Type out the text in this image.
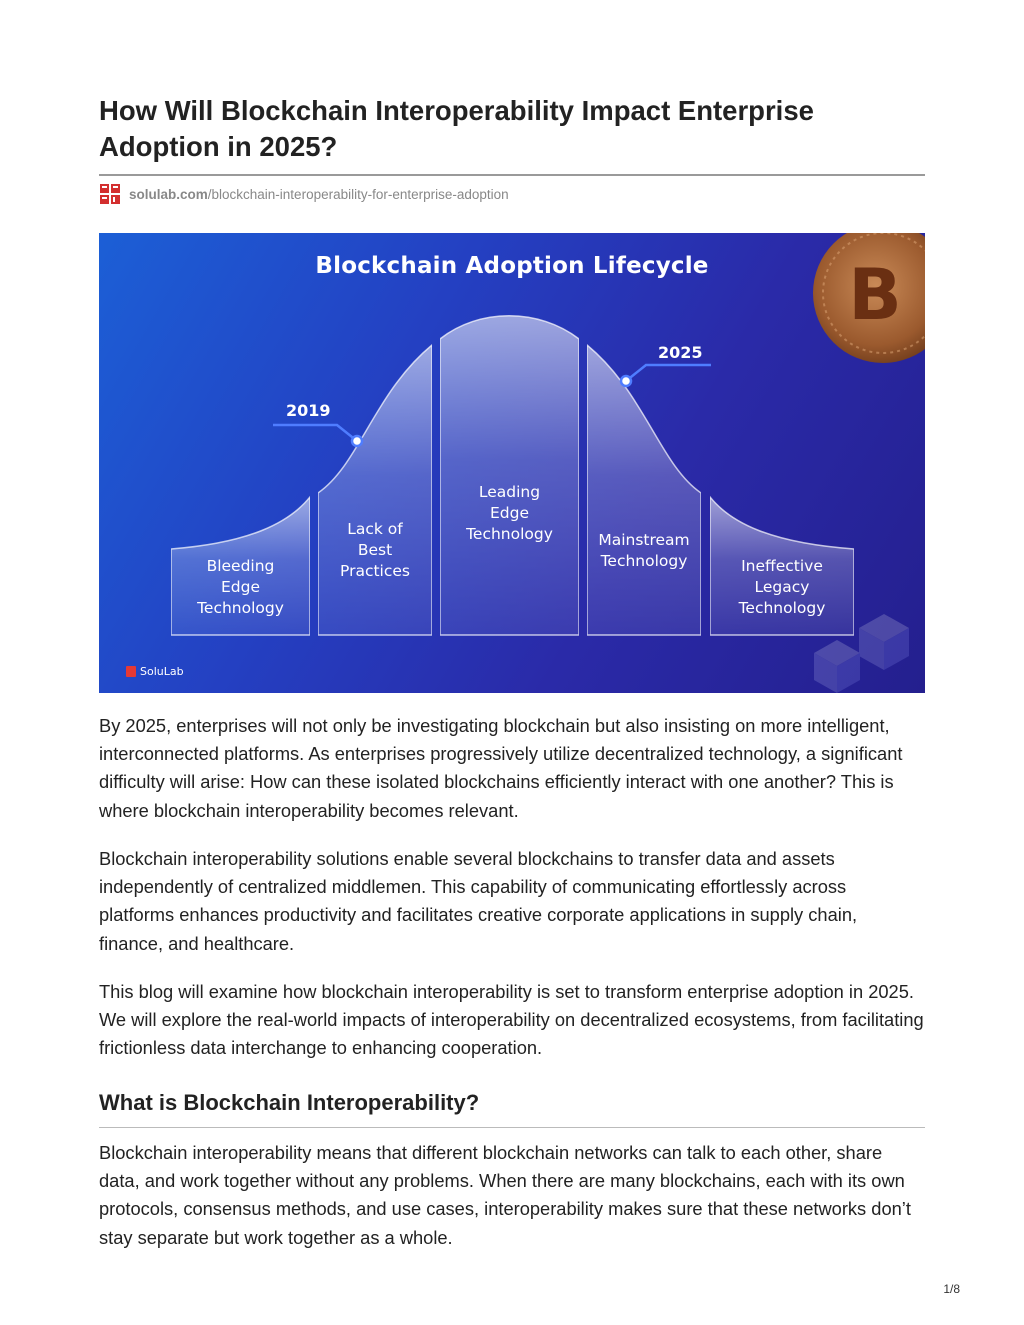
How Will Blockchain Interoperability Impact Enterprise Adoption in 2025?
solulab.com/blockchain-interoperability-for-enterprise-adoption
B
Blockchain Adoption Lifecycle
2019
2025
Bleeding
Edge
Technology
Lack of
Best
Practices
Leading
Edge
Technology	Mainstream
Technology	Ineffective
Legacy
Technology
SoluLab

By 2025, enterprises will not only be investigating blockchain but also insisting on more intelligent, interconnected platforms. As enterprises progressively utilize decentralized technology, a significant difficulty will arise: How can these isolated blockchains efficiently interact with one another? This is where blockchain interoperability becomes relevant.

Blockchain interoperability solutions enable several blockchains to transfer data and assets independently of centralized middlemen. This capability of communicating effortlessly across platforms enhances productivity and facilitates creative corporate applications in supply chain, finance, and healthcare.

This blog will examine how blockchain interoperability is set to transform enterprise adoption in 2025. We will explore the real-world impacts of interoperability on decentralized ecosystems, from facilitating frictionless data interchange to enhancing cooperation.

What is Blockchain Interoperability?

Blockchain interoperability means that different blockchain networks can talk to each other, share data, and work together without any problems. When there are many blockchains, each with its own protocols, consensus methods, and use cases, interoperability makes sure that these networks don’t stay separate but work together as a whole.

1/8
